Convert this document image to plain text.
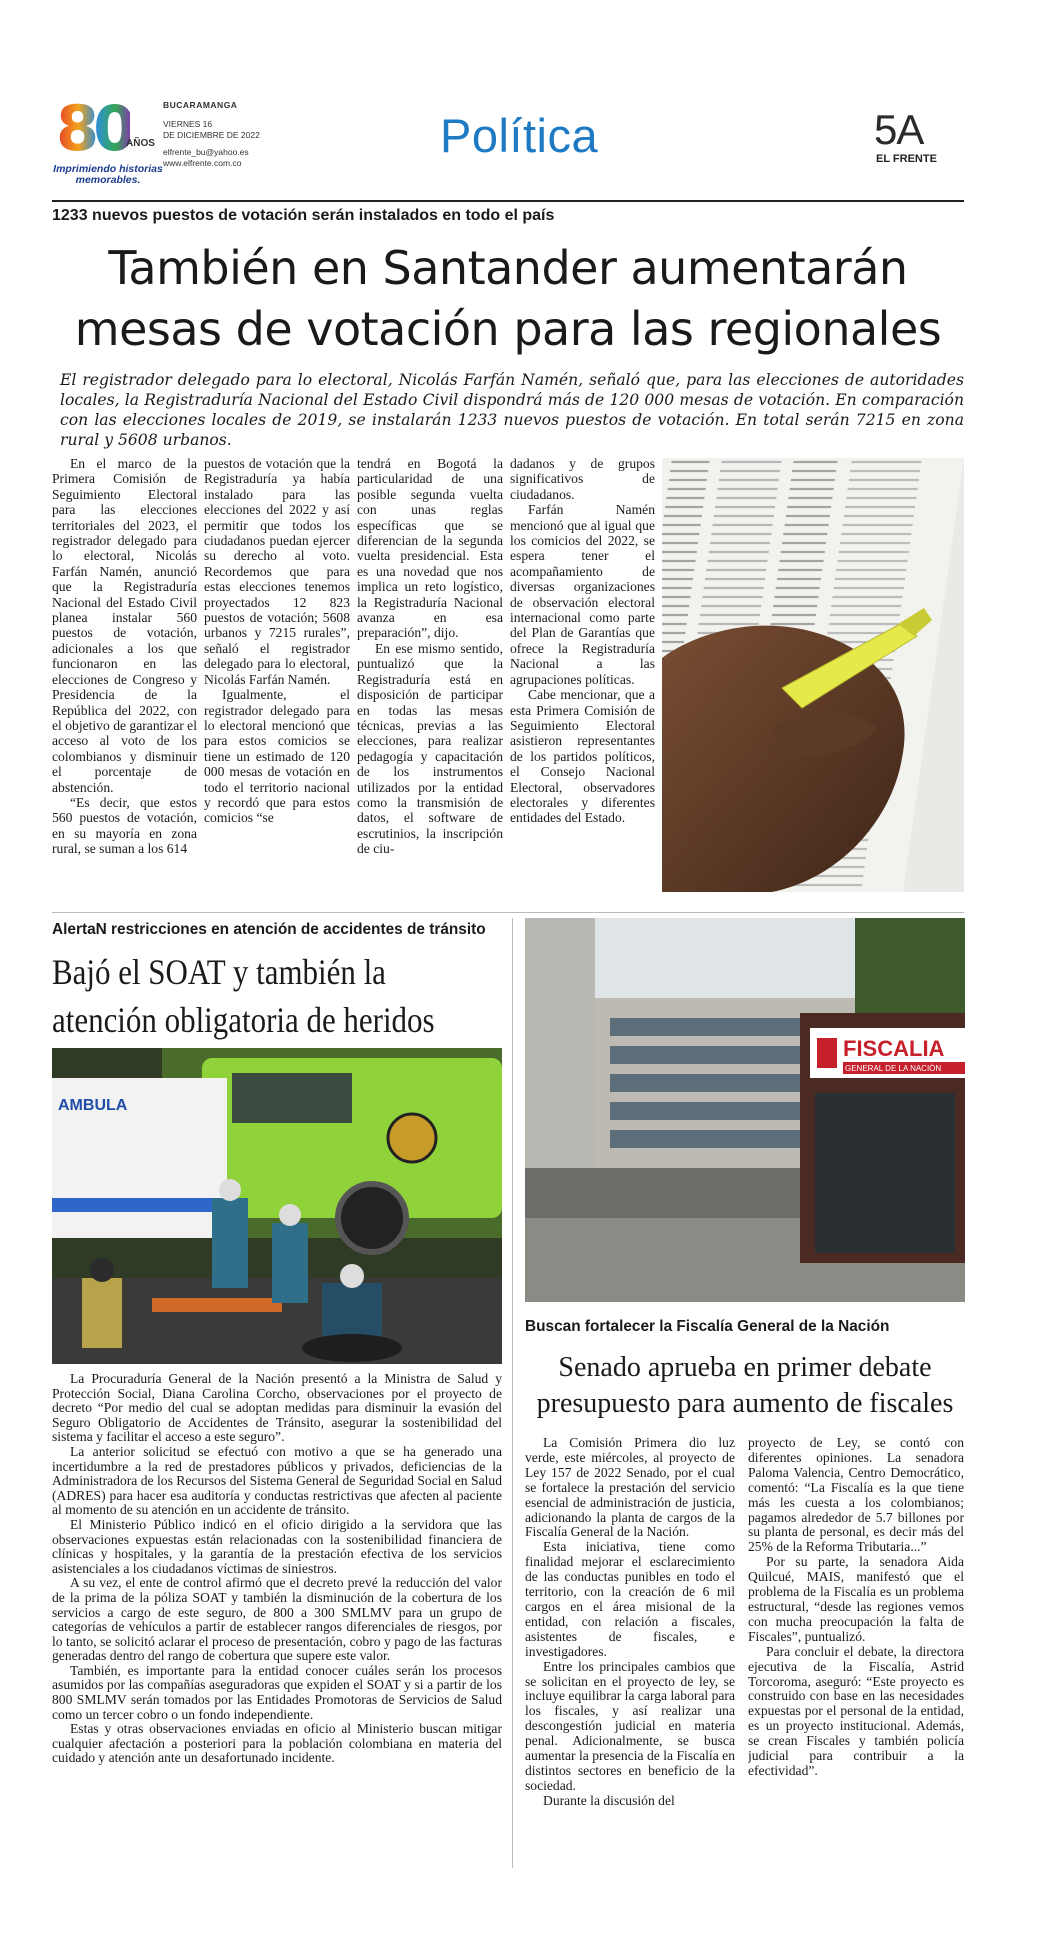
80
AÑOS
Imprimiendo historias memorables.
BUCARAMANGA
VIERNES 16
DE DICIEMBRE DE 2022
elfrente_bu@yahoo.es
www.elfrente.com.co
Política	5A
EL FRENTE
1233 nuevos puestos de votación serán instalados en todo el país
También en Santander aumentarán
mesas de votación para las regionales
El registrador delegado para lo electoral, Nicolás Farfán Namén, señaló que, para las elecciones de autoridades locales, la Registraduría Nacional del Estado Civil dispondrá más de 120 000 mesas de votación. En comparación con las elecciones locales de 2019, se instalarán 1233 nuevos puestos de votación. En total serán 7215 en zona rural y 5608 urbanos.

En el marco de la Primera Comisión de Seguimiento Electoral para las elecciones territoriales del 2023, el registrador delegado para lo electoral, Nicolás Farfán Namén, anunció que la Registraduría Nacional del Estado Civil planea instalar 560 puestos de votación, adicionales a los que funcionaron en las elecciones de Congreso y Presidencia de la República del 2022, con el objetivo de garantizar el acceso al voto de los colombianos y disminuir el porcentaje de abstención.

“Es decir, que estos 560 puestos de votación, en su mayoría en zona rural, se suman a los 614

puestos de votación que la Registraduría ya había instalado para las elecciones del 2022 y así permitir que todos los ciudadanos puedan ejercer su derecho al voto. Recordemos que para estas elecciones tenemos proyectados 12 823 puestos de votación; 5608 urbanos y 7215 rurales”, señaló el registrador delegado para lo electoral, Nicolás Farfán Namén.

Igualmente, el registrador delegado para lo electoral mencionó que para estos comicios se tiene un estimado de 120 000 mesas de votación en todo el territorio nacional y recordó que para estos comicios “se

tendrá en Bogotá la particularidad de una posible segunda vuelta con unas reglas específicas que se diferencian de la segunda vuelta presidencial. Esta es una novedad que nos implica un reto logístico, la Registraduría Nacional avanza en esa preparación”, dijo.

En ese mismo sentido, puntualizó que la Registraduría está en disposición de participar en todas las mesas técnicas, previas a las elecciones, para realizar pedagogía y capacitación de los instrumentos utilizados por la entidad como la transmisión de datos, el software de escrutinios, la inscripción de ciu-

dadanos y de grupos significativos de ciudadanos.

Farfán Namén mencionó que al igual que los comicios del 2022, se espera tener el acompañamiento de diversas organizaciones de observación electoral internacional como parte del Plan de Garantías que ofrece la Registraduría Nacional a las agrupaciones políticas.

Cabe mencionar, que a esta Primera Comisión de Seguimiento Electoral asistieron representantes de los partidos políticos, el Consejo Nacional Electoral, observadores electorales y diferentes entidades del Estado.

AlertaN restricciones en atención de accidentes de tránsito
Bajó el SOAT y también la
atención obligatoria de heridos
AMBULA

La Procuraduría General de la Nación presentó a la Ministra de Salud y Protección Social, Diana Carolina Corcho, observaciones por el proyecto de decreto “Por medio del cual se adoptan medidas para disminuir la evasión del Seguro Obligatorio de Accidentes de Tránsito, asegurar la sostenibilidad del sistema y facilitar el acceso a este seguro”.

La anterior solicitud se efectuó con motivo a que se ha generado una incertidumbre a la red de prestadores públicos y privados, deficiencias de la Administradora de los Recursos del Sistema General de Seguridad Social en Salud (ADRES) para hacer esa auditoría y conductas restrictivas que afecten al paciente al momento de su atención en un accidente de tránsito.

El Ministerio Público indicó en el oficio dirigido a la servidora que las observaciones expuestas están relacionadas con la sostenibilidad financiera de clínicas y hospitales, y la garantía de la prestación efectiva de los servicios asistenciales a los ciudadanos víctimas de siniestros.

A su vez, el ente de control afirmó que el decreto prevé la reducción del valor de la prima de la póliza SOAT y también la disminución de la cobertura de los servicios a cargo de este seguro, de 800 a 300 SMLMV para un grupo de categorías de vehículos a partir de establecer rangos diferenciales de riesgos, por lo tanto, se solicitó aclarar el proceso de presentación, cobro y pago de las facturas generadas dentro del rango de cobertura que supere este valor.

También, es importante para la entidad conocer cuáles serán los procesos asumidos por las compañías aseguradoras que expiden el SOAT y si a partir de los 800 SMLMV serán tomados por las Entidades Promotoras de Servicios de Salud como un tercer cobro o un fondo independiente.

Estas y otras observaciones enviadas en oficio al Ministerio buscan mitigar cualquier afectación a posteriori para la población colombiana en materia del cuidado y atención ante un desafortunado incidente.

FISCALIA
GENERAL DE LA NACIÓN
Buscan fortalecer la Fiscalía General de la Nación
Senado aprueba en primer debate
presupuesto para aumento de fiscales

La Comisión Primera dio luz verde, este miércoles, al proyecto de Ley 157 de 2022 Senado, por el cual se fortalece la prestación del servicio esencial de administración de justicia, adicionando la planta de cargos de la Fiscalía General de la Nación.

Esta iniciativa, tiene como finalidad mejorar el esclarecimiento de las conductas punibles en todo el territorio, con la creación de 6 mil cargos en el área misional de la entidad, con relación a fiscales, asistentes de fiscales, e investigadores.

Entre los principales cambios que se solicitan en el proyecto de ley, se incluye equilibrar la carga laboral para los fiscales, y así realizar una descongestión judicial en materia penal. Adicionalmente, se busca aumentar la presencia de la Fiscalía en distintos sectores en beneficio de la sociedad.

Durante la discusión del

proyecto de Ley, se contó con diferentes opiniones. La senadora Paloma Valencia, Centro Democrático, comentó: “La Fiscalía es la que tiene más les cuesta a los colombianos; pagamos alrededor de 5.7 billones por su planta de personal, es decir más del 25% de la Reforma Tributaria...”

Por su parte, la senadora Aida Quilcué, MAIS, manifestó que el problema de la Fiscalía es un problema estructural, “desde las regiones vemos con mucha preocupación la falta de Fiscales”, puntualizó.

Para concluir el debate, la directora ejecutiva de la Fiscalía, Astrid Torcoroma, aseguró: “Este proyecto es construido con base en las necesidades expuestas por el personal de la entidad, es un proyecto institucional. Además, se crean Fiscales y también policía judicial para contribuir a la efectividad”.
